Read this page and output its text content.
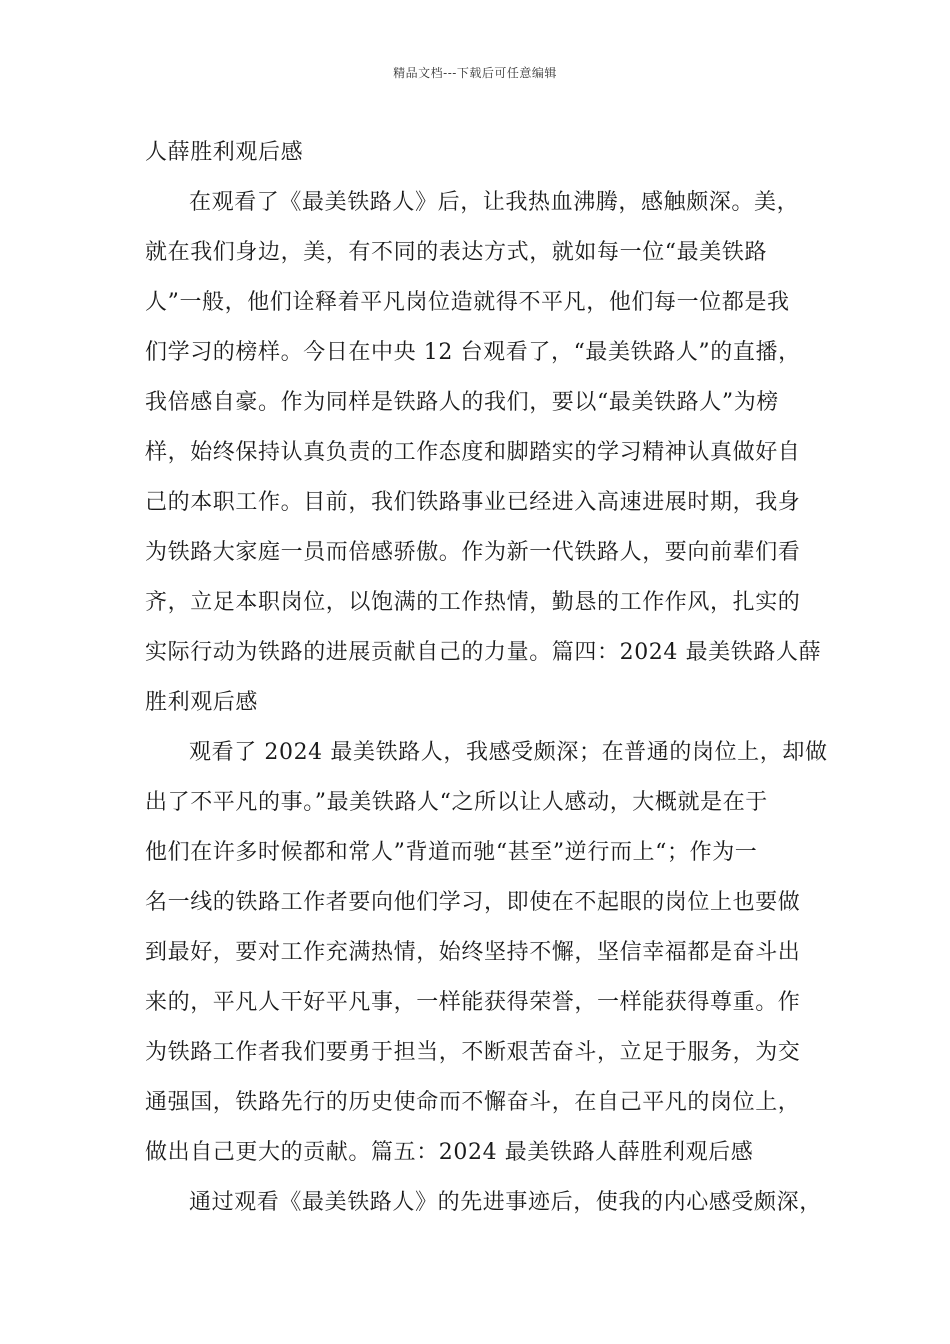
精品文档---下载后可任意编辑
人薛胜利观后感
在观看了《最美铁路人》后，让我热血沸腾，感触颇深。美，
就在我们身边，美，有不同的表达方式，就如每一位“最美铁路
人”一般，他们诠释着平凡岗位造就得不平凡，他们每一位都是我
们学习的榜样。今日在中央 12 台观看了，“最美铁路人”的直播，
我倍感自豪。作为同样是铁路人的我们，要以“最美铁路人”为榜
样，始终保持认真负责的工作态度和脚踏实的学习精神认真做好自
己的本职工作。目前，我们铁路事业已经进入高速进展时期，我身
为铁路大家庭一员而倍感骄傲。作为新一代铁路人，要向前辈们看
齐，立足本职岗位，以饱满的工作热情，勤恳的工作作风，扎实的
实际行动为铁路的进展贡献自己的力量。篇四：2024 最美铁路人薛
胜利观后感
观看了 2024 最美铁路人，我感受颇深；在普通的岗位上，却做
出了不平凡的事。”最美铁路人“之所以让人感动，大概就是在于
他们在许多时候都和常人”背道而驰“甚至”逆行而上“；作为一
名一线的铁路工作者要向他们学习，即使在不起眼的岗位上也要做
到最好，要对工作充满热情，始终坚持不懈，坚信幸福都是奋斗出
来的，平凡人干好平凡事，一样能获得荣誉，一样能获得尊重。作
为铁路工作者我们要勇于担当，不断艰苦奋斗，立足于服务，为交
通强国，铁路先行的历史使命而不懈奋斗，在自己平凡的岗位上，
做出自己更大的贡献。篇五：2024 最美铁路人薛胜利观后感
通过观看《最美铁路人》的先进事迹后，使我的内心感受颇深，
